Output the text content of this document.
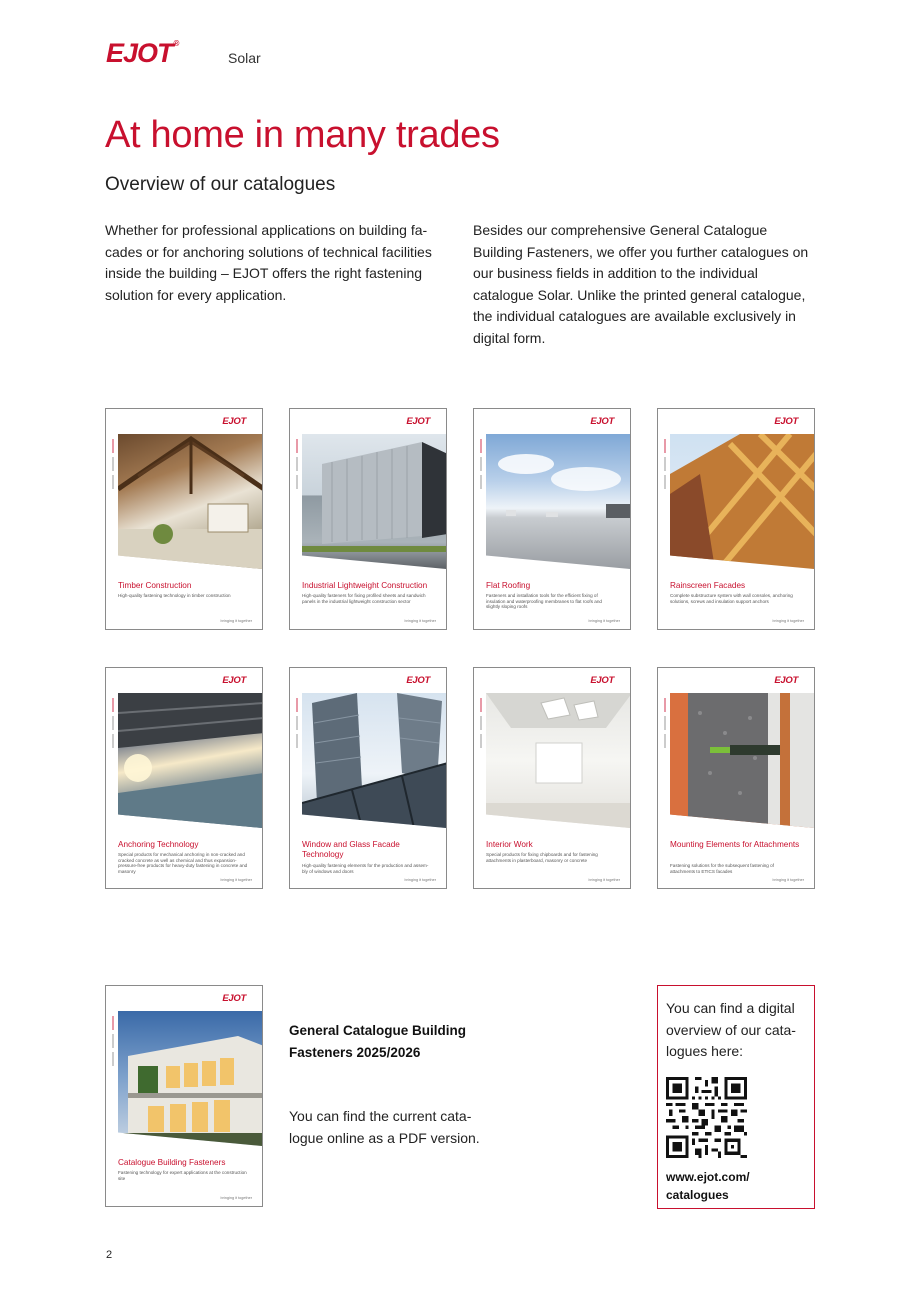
EJOT®
Solar
At home in many trades
Overview of our catalogues

Whether for professional applications on building fa-cades or for anchoring solutions of technical facilities inside the building – EJOT offers the right fastening solution for every application.

Besides our comprehensive General Catalogue Building Fasteners, we offer you further catalogues on our business fields in addition to the individual catalogue Solar. Unlike the printed general catalogue, the individual catalogues are available exclusively in digital form.

EJOT
Timber Construction
High-quality fastening technology in timber construction
bringing it together
EJOT
Industrial Lightweight Construction
High-quality fasteners for fixing profiled sheets and sandwich panels in the industrial lightweight construction sector
bringing it together
EJOT
Flat Roofing
Fasteners and installation tools for the efficient fixing of insulation and waterproofing membranes to flat roofs and slightly sloping roofs
bringing it together
EJOT
Rainscreen Facades
Complete substructure system with wall consoles, anchoring solutions, screws and insulation support anchors
bringing it together
EJOT
Anchoring Technology
Special products for mechanical anchoring in non-cracked and cracked concrete as well as chemical and thus expansion-pressure-free products for heavy-duty fastening in concrete and masonry
bringing it together
EJOT
Window and Glass Facade Technology
High-quality fastening elements for the production and assem-bly of windows and doors
bringing it together
EJOT
Interior Work
Special products for fixing chipboards and for fastening attachments in plasterboard, masonry or concrete
bringing it together
EJOT
Mounting Elements for Attachments
Fastening solutions for the subsequent fastening of attachments to ETICS facades
bringing it together
EJOT
Catalogue Building Fasteners
Fastening technology for expert applications at the construction site
bringing it together
General Catalogue Building Fasteners 2025/2026
You can find the current cata-logue online as a PDF version.
You can find a digital overview of our cata-logues here:
www.ejot.com/ catalogues
2
